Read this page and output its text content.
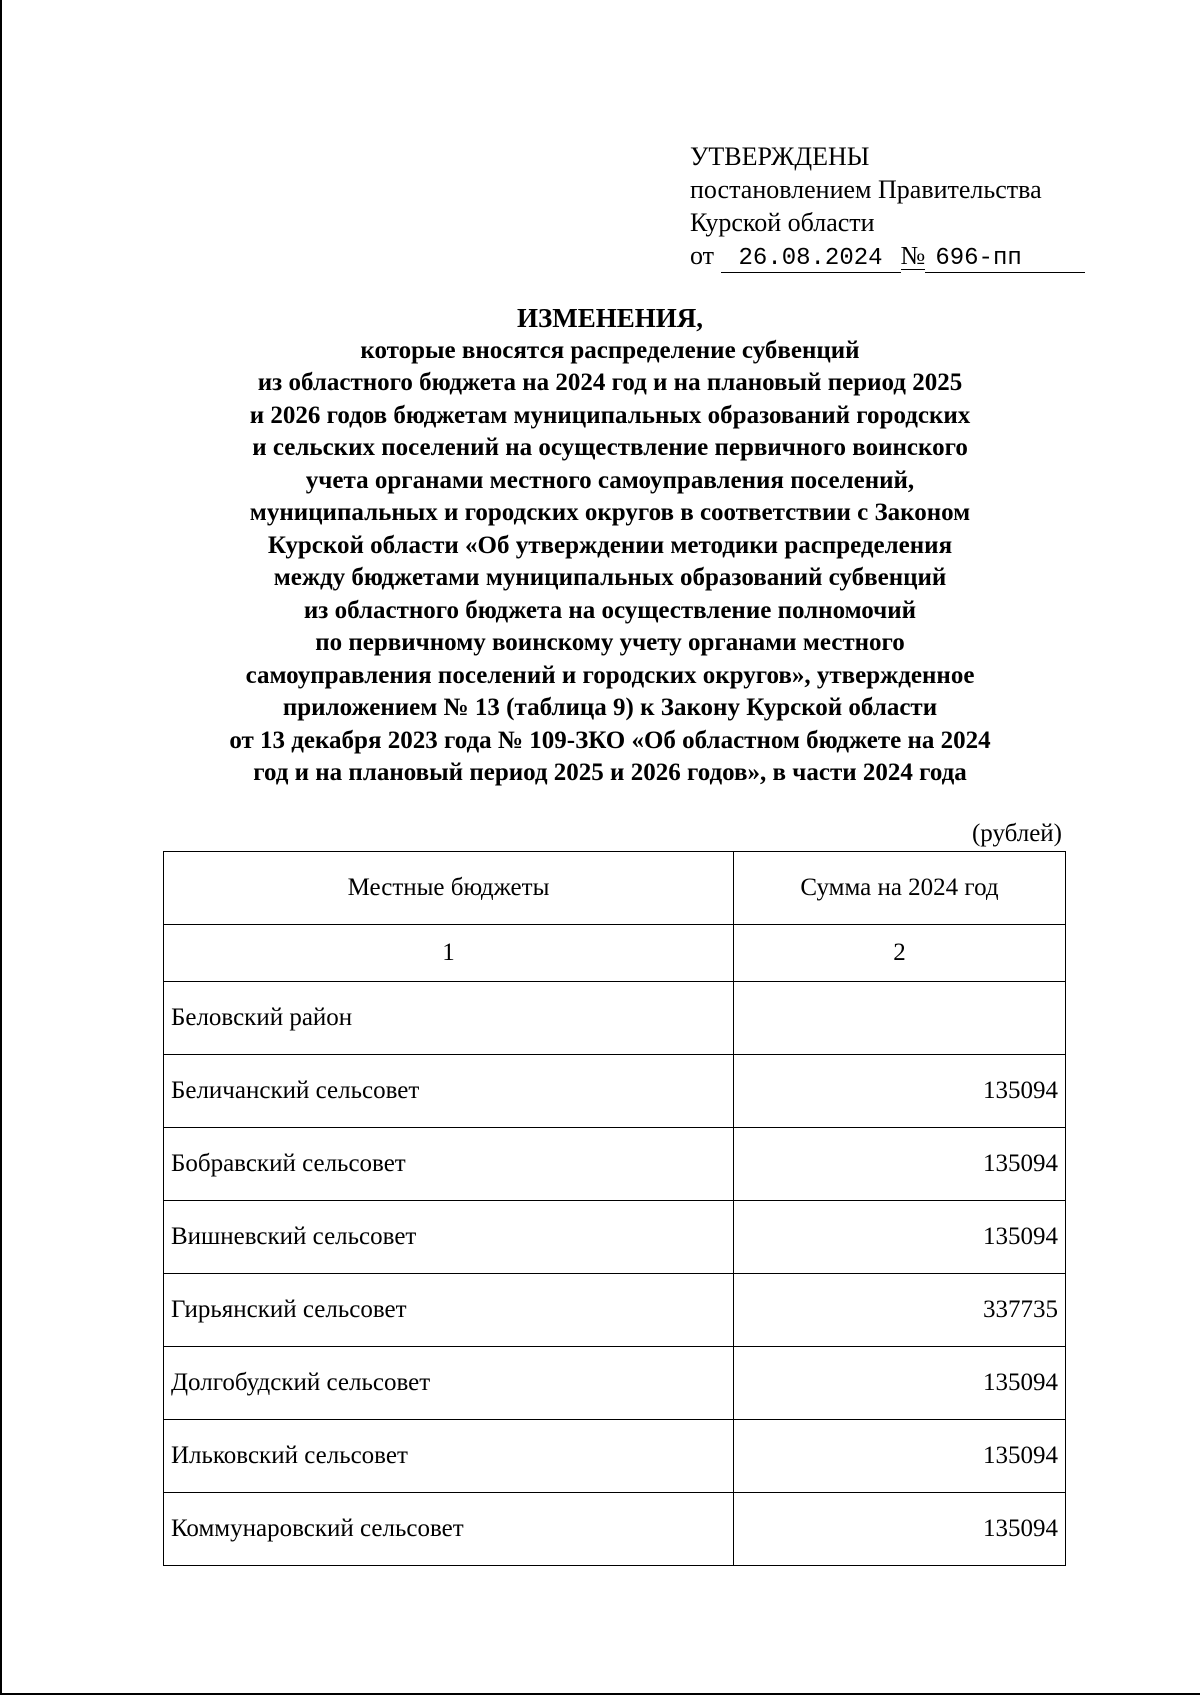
УТВЕРЖДЕНЫ
постановлением Правительства
Курской области
от 26.08.2024 № 696-пп
ИЗМЕНЕНИЯ,
которые вносятся распределение субвенций
из областного бюджета на 2024 год и на плановый период 2025
и 2026 годов бюджетам муниципальных образований городских
и сельских поселений на осуществление первичного воинского
учета органами местного самоуправления поселений,
муниципальных и городских округов в соответствии с Законом
Курской области «Об утверждении методики распределения
между бюджетами муниципальных образований субвенций
из областного бюджета на осуществление полномочий
по первичному воинскому учету органами местного
самоуправления поселений и городских округов», утвержденное
приложением № 13 (таблица 9) к Закону Курской области
от 13 декабря 2023 года № 109-ЗКО «Об областном бюджете на 2024
год и на плановый период 2025 и 2026 годов», в части 2024 года
(рублей)
Местные бюджеты	Сумма на 2024 год
1	2
Беловский район	
Беличанский сельсовет	135094
Бобравский сельсовет	135094
Вишневский сельсовет	135094
Гирьянский сельсовет	337735
Долгобудский сельсовет	135094
Ильковский сельсовет	135094
Коммунаровский сельсовет	135094
